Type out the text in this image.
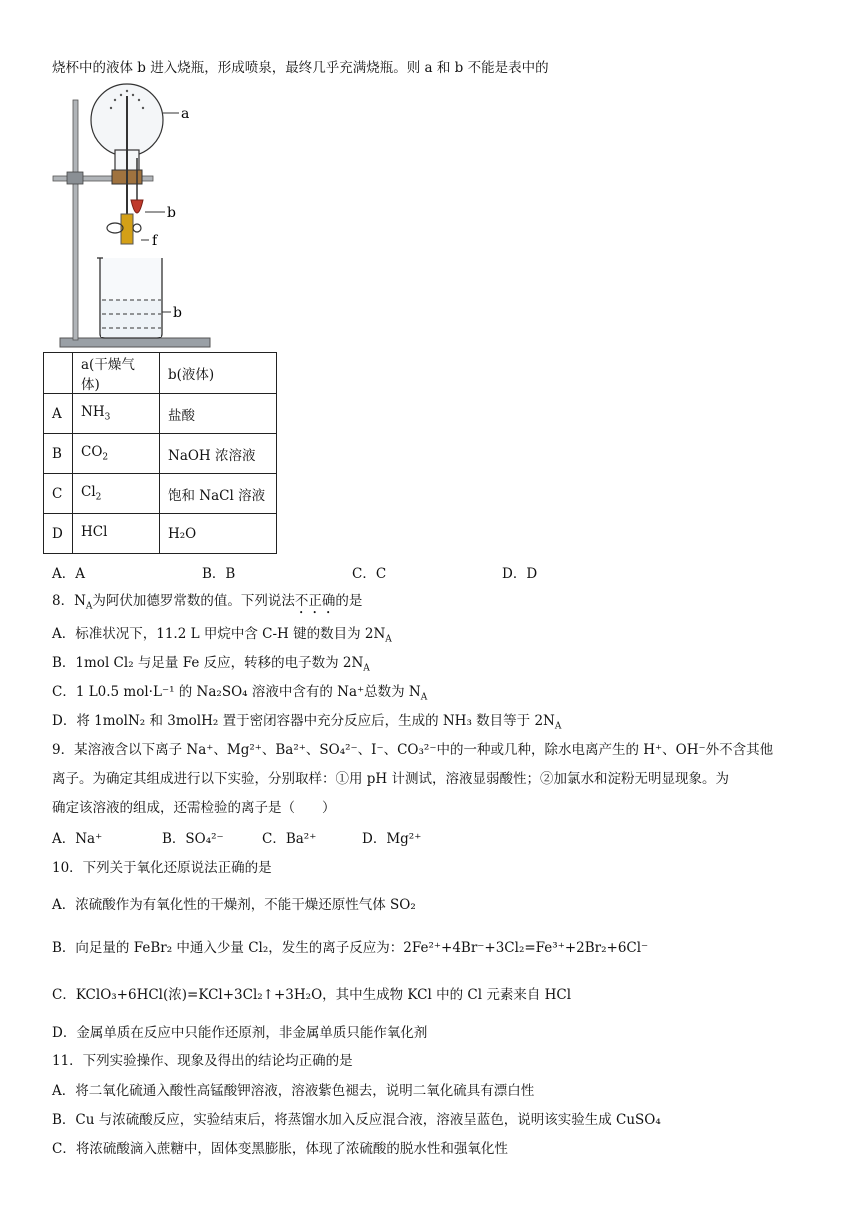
烧杯中的液体 b 进入烧瓶，形成喷泉，最终几乎充满烧瓶。则 a 和 b 不能是表中的
a
b
f
b
	a(干燥气体)	b(液体)
A	$NH_3$	盐酸
B	$CO_2$	NaOH 浓溶液
C	$Cl_2$	饱和 NaCl 溶液
D	HCl	H₂O
A．A	B．B	C．C	D．D
8．$N_A$为阿伏加德罗常数的值。下列说法不正确的是
A．标准状况下，11.2 L 甲烷中含 C-H 键的数目为 $2N_A$
B．1mol Cl₂ 与足量 Fe 反应，转移的电子数为 $2N_A$
C．1 L0.5 mol·L⁻¹ 的 Na₂SO₄ 溶液中含有的 Na⁺总数为 $N_A$
D．将 1molN₂ 和 3molH₂ 置于密闭容器中充分反应后，生成的 NH₃ 数目等于 $2N_A$
9．某溶液含以下离子 Na⁺、Mg²⁺、Ba²⁺、SO₄²⁻、I⁻、CO₃²⁻中的一种或几种，除水电离产生的 H⁺、OH⁻外不含其他
离子。为确定其组成进行以下实验，分别取样：①用 pH 计测试，溶液显弱酸性；②加氯水和淀粉无明显现象。为
确定该溶液的组成，还需检验的离子是（　　）
A．Na⁺	B．SO₄²⁻	C．Ba²⁺	D．Mg²⁺
10．下列关于氧化还原说法正确的是
A．浓硫酸作为有氧化性的干燥剂，不能干燥还原性气体 SO₂
B．向足量的 FeBr₂ 中通入少量 Cl₂，发生的离子反应为：2Fe²⁺+4Br⁻+3Cl₂=Fe³⁺+2Br₂+6Cl⁻
C．KClO₃+6HCl(浓)=KCl+3Cl₂↑+3H₂O，其中生成物 KCl 中的 Cl 元素来自 HCl
D．金属单质在反应中只能作还原剂，非金属单质只能作氧化剂
11．下列实验操作、现象及得出的结论均正确的是
A．将二氧化硫通入酸性高锰酸钾溶液，溶液紫色褪去，说明二氧化硫具有漂白性
B．Cu 与浓硫酸反应，实验结束后，将蒸馏水加入反应混合液，溶液呈蓝色，说明该实验生成 CuSO₄
C．将浓硫酸滴入蔗糖中，固体变黑膨胀，体现了浓硫酸的脱水性和强氧化性
